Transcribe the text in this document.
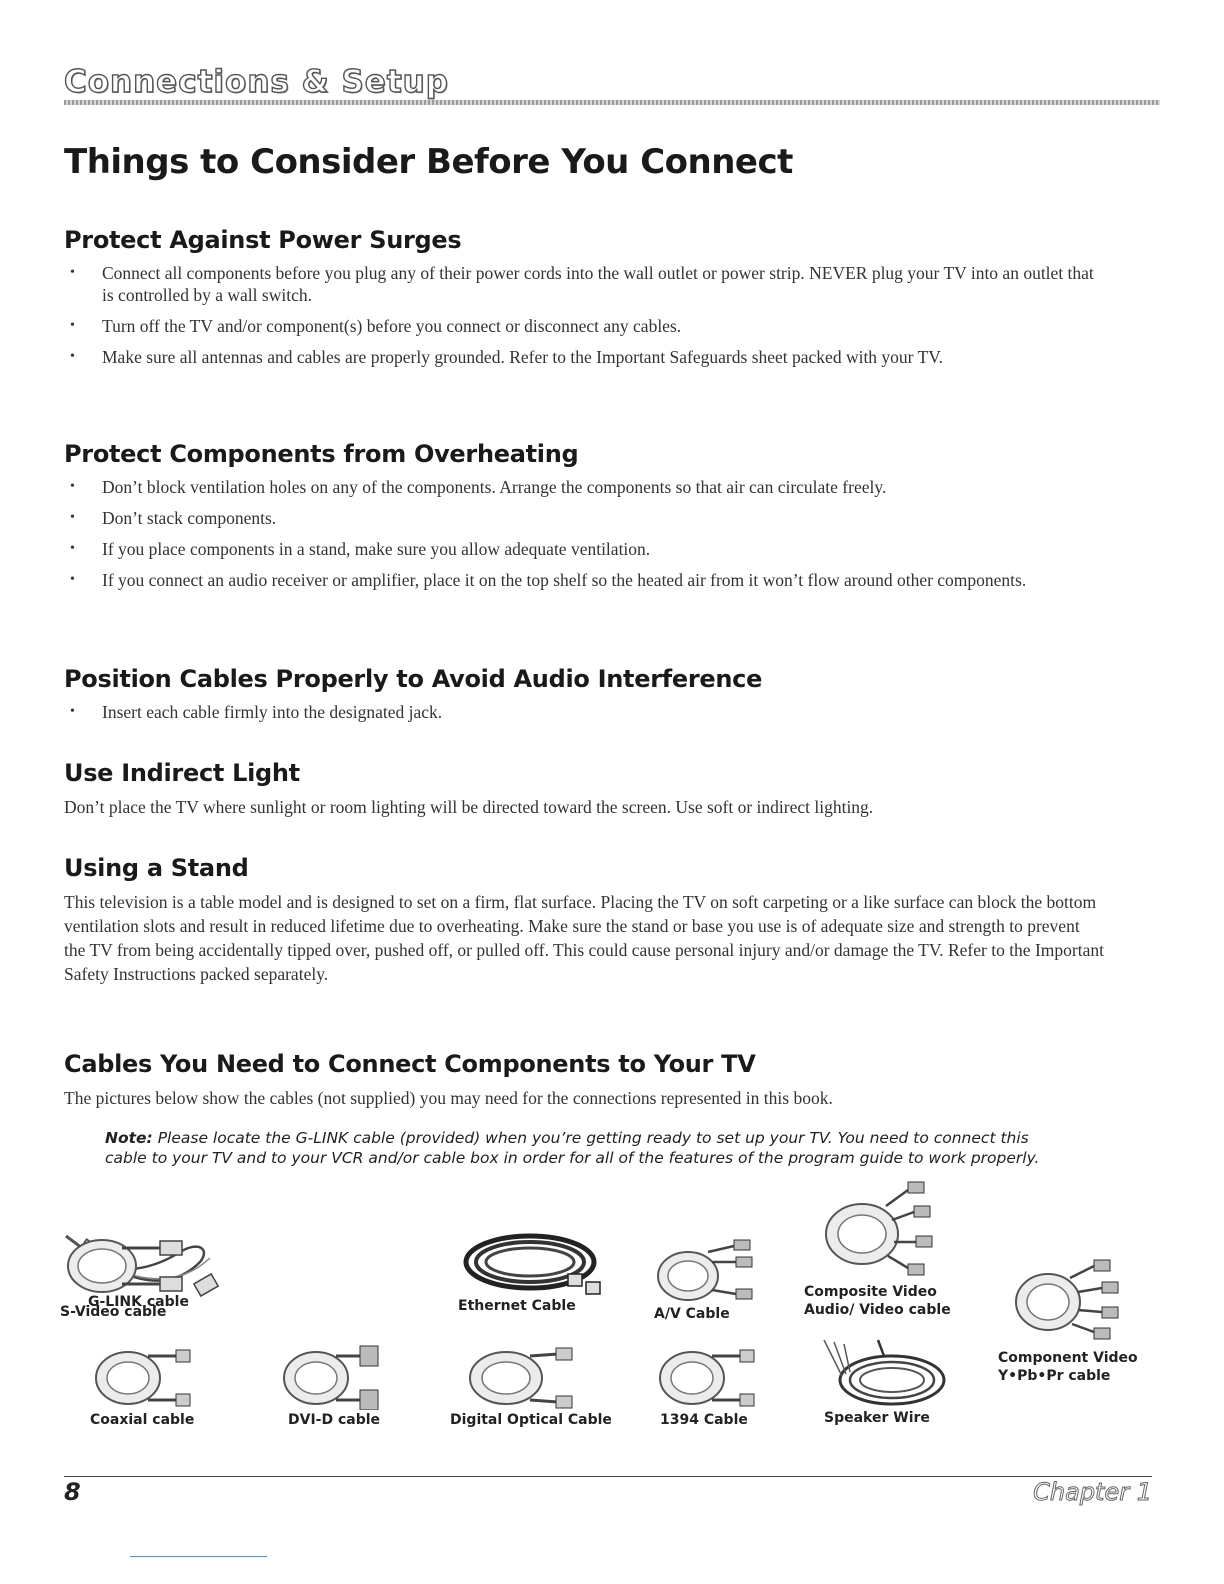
Connections & Setup
Things to Consider Before You Connect
Protect Against Power Surges
• Connect all components before you plug any of their power cords into the wall outlet or power strip. NEVER plug your TV into an outlet that is controlled by a wall switch.
• Turn off the TV and/or component(s) before you connect or disconnect any cables.
• Make sure all antennas and cables are properly grounded. Refer to the Important Safeguards sheet packed with your TV.
Protect Components from Overheating
• Don’t block ventilation holes on any of the components. Arrange the components so that air can circulate freely.
• Don’t stack components.
• If you place components in a stand, make sure you allow adequate ventilation.
• If you connect an audio receiver or amplifier, place it on the top shelf so the heated air from it won’t flow around other components.
Position Cables Properly to Avoid Audio Interference
• Insert each cable firmly into the designated jack.
Use Indirect Light

Don’t place the TV where sunlight or room lighting will be directed toward the screen. Use soft or indirect lighting.

Using a Stand

This television is a table model and is designed to set on a firm, flat surface. Placing the TV on soft carpeting or a like surface can block the bottom ventilation slots and result in reduced lifetime due to overheating. Make sure the stand or base you use is of adequate size and strength to prevent the TV from being accidentally tipped over, pushed off, or pulled off. This could cause personal injury and/or damage the TV. Refer to the Important Safety Instructions packed separately.

Cables You Need to Connect Components to Your TV

The pictures below show the cables (not supplied) you may need for the connections represented in this book.

Note: Please locate the G-LINK cable (provided) when you’re getting ready to set up your TV. You need to connect this cable to your TV and to your VCR and/or cable box in order for all of the features of the program guide to work properly.
G-LINK cable
S-Video cable	Ethernet Cable	A/V Cable
Composite Video
Audio/ Video cable
Component Video
Y•Pb•Pr cable
Coaxial cable	DVI-D cable	Digital Optical Cable	1394 Cable	Speaker Wire
8	Chapter 1
